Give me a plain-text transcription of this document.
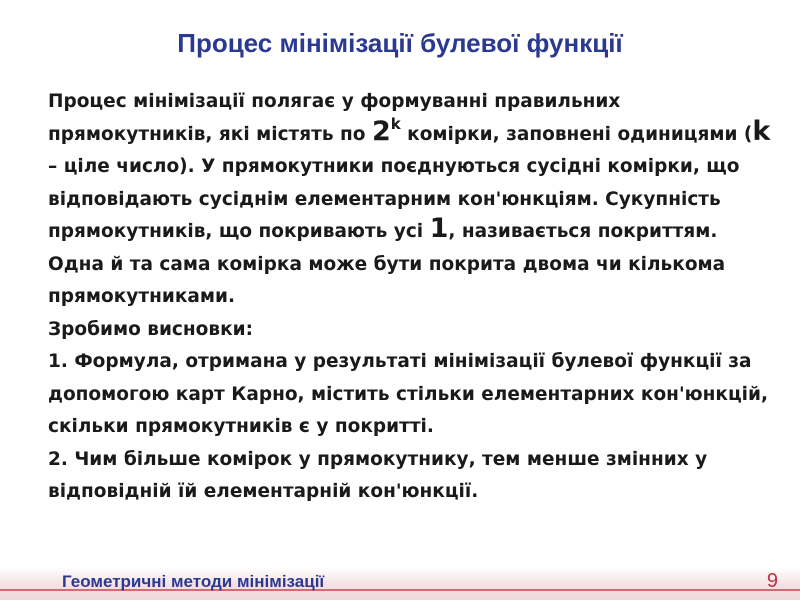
Процес мінімізації булевої функції

Процес мінімізації полягає у формуванні правильних прямокутників, які містять по 2$^k$ комірки, заповнені одиницями (k – ціле число). У прямокутники поєднуються сусідні комірки, що відповідають сусіднім елементарним кон'юнкціям. Сукупність прямокутників, що покривають усі 1, називається покриттям. Одна й та сама комірка може бути покрита двома чи кількома прямокутниками.

Зробимо висновки:

1. Формула, отримана у результаті мінімізації булевої функції за допомогою карт Карно, містить стільки елементарних кон'юнкцій, скільки прямокутників є у покритті.

2. Чим більше комірок у прямокутнику, тем менше змінних у відповідній їй елементарній кон'юнкції.

Геометричні методи мінімізації	9
